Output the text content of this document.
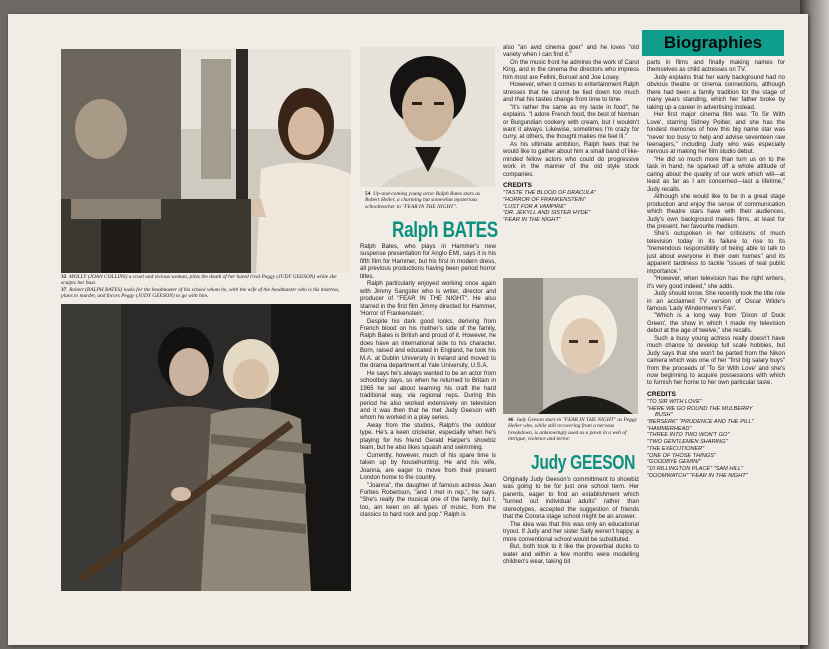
32 MOLLY (JOAN COLLINS) a cruel and vicious woman, plots the death of her hated rival Peggy (JUDY GEESON) while she sculpts her bust.
37 Robert (RALPH BATES) looks for the headmaster of his school whom he, with the wife of the headmaster who is his mistress, plans to murder, and forces Peggy (JUDY GEESON) to go with him.
54 Up-and-coming young actor Ralph Bates stars as Robert Heller, a charming but somewhat mysterious schoolteacher in "FEAR IN THE NIGHT".
Ralph BATES

Ralph Bates, who plays in Hammer's new suspense presentation for Anglo EMI, says it is his fifth film for Hammer, but his first in modern dress, all previous productions having been period horror titles.

Ralph particularly enjoyed working once again with Jimmy Sangster who is writer, director and producer of "FEAR IN THE NIGHT". He also starred in the first film Jimmy directed for Hammer, 'Horror of Frankenstein'.

Despite his dark good looks, deriving from French blood on his mother's side of the family, Ralph Bates is British and proud of it. However, he does have an international side to his character. Born, raised and educated in England, he took his M.A. at Dublin University in Ireland and moved to the drama department at Yale University, U.S.A.

He says he's always wanted to be an actor from schoolboy days, so when he returned to Britain in 1965 he set about learning his craft the hard traditional way, via regional reps. During this period he also worked extensively on television and it was then that he met Judy Geeson with whom he worked in a play series.

Away from the studios, Ralph's the outdoor type. He's a keen cricketer, especially when he's playing for his friend Gerald Harper's showbiz team, but he also likes squash and swimming.

Currently, however, much of his spare time is taken up by househunting. He and his wife, Joanna, are eager to move from their present London home to the country.

"Joanna", the daughter of famous actress Jean Forbes Robertson, "and I met in rep.", he says. "She's really the musical one of the family, but I, too, am keen on all types of music, from the classics to hard rock and pop." Ralph is

also "an avid cinema goer" and he loves "old variety when I can find it."

On the music front he admires the work of Carol King, and in the cinema the directors who impress him most are Fellini, Bunuel and Joe Losey.

However, when it comes to entertainment Ralph stresses that he cannot be tied down too much and that his tastes change from time to time.

"It's rather the same as my taste in food", he explains. "I adore French food, the best of Norman or Burgundian cookery with cream, but I wouldn't want it always. Likewise, sometimes I'm crazy for curry, at others, the thought makes me feel ill."

As his ultimate ambition, Ralph feels that he would like to gather about him a small band of like-minded fellow actors who could do progressive work in the manner of the old style stock companies.

CREDITS
"TASTE THE BLOOD OF DRACULA"
"HORROR OF FRANKENSTEIN"
"LUST FOR A VAMPIRE"
"DR. JEKYLL AND SISTER HYDE"
"FEAR IN THE NIGHT"
46 Judy Geeson stars in "FEAR IN THE NIGHT" as Peggy Heller who, while still recovering from a nervous breakdown, is unknowingly used as a pawn in a web of intrigue, violence and terror.
Judy GEESON

Originally Judy Geeson's committment to showbiz was going to be for just one school term. Her parents, eager to find an establishment which "turned out individual adults" rather than stereotypes, accepted the suggestion of friends that the Corona stage school might be an answer.

The idea was that this was only an educational tryout. If Judy and her sister Sally weren't happy, a more conventional school would be substituted.

But, both took to it like the proverbial ducks to water and within a few months were modelling children's wear, taking bit

Biographies

parts in films and finally making names for themselves as child actresses on TV.

Judy explains that her early background had no obvious theatre or cinema connections, although there had been a family tradition for the stage of many years standing, which her father broke by taking up a career in advertising instead.

Her first major cinema film was 'To Sir With Love', starring Sidney Poitier, and she has the fondest memories of how this big name star was "never too busy to help and advise seventeen raw teenagers," including Judy who was especially nervous at making her film studio debut.

"He did so much more than turn us on to the task in hand, he sparked off a whole attitude of caring about the quality of our work which will—at least as far as I am concerned—last a lifetime," Judy recalls.

Although she would like to be in a great stage production and enjoy the sense of communication which theatre stars have with their audiences, Judy's own background makes films, at least for the present, her favourite medium.

She's outspoken in her criticisms of much television today in its failure to rise to its "tremendous responsibility of being able to talk to just about everyone in their own homes" and its apparent tardiness to tackle "issues of real public importance."

"However, when television has the right writers, it's very good indeed," she adds.

Judy should know. She recently took the title role in an acclaimed TV version of Oscar Wilde's famous 'Lady Windermere's Fan'.

"Which is a long way from 'Dixon of Dock Green', the show in which I made my television debut at the age of twelve," she recalls.

Such a busy young actress really doesn't have much chance to develop full scale hobbies, but Judy says that she won't be parted from the Nikon camera which was one of her "first big salary buys" from the proceeds of 'To Sir With Love' and she's now beginning to acquire possessions with which to furnish her home to her own particular taste.

CREDITS
"TO SIR WITH LOVE"
"HERE WE GO ROUND THE MULBERRY
BUSH"
"BERSERK" "PRUDENCE AND THE PILL"
"HAMMERHEAD"
"THREE INTO TWO WON'T GO"
"TWO GENTLEMEN SHARING"
"THE EXECUTIONER"
"ONE OF THOSE THINGS"
"GOODBYE GEMINI"
"10 RILLINGTON PLACE" "SAM HILL"
"DOOMWATCH" "FEAR IN THE NIGHT"
